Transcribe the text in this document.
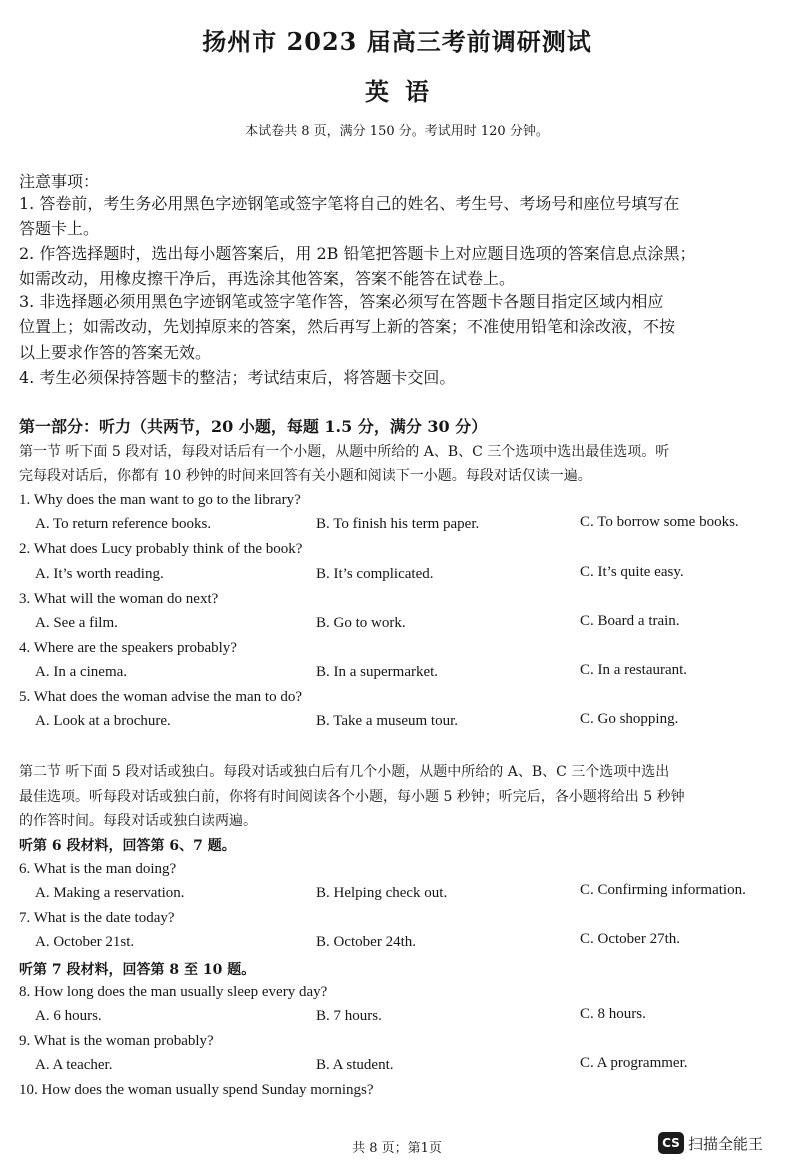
扬州市 2023 届高三考前调研测试
英语
本试卷共 8 页，满分 150 分。考试用时 120 分钟。
注意事项：
1. 答卷前，考生务必用黑色字迹钢笔或签字笔将自己的姓名、考生号、考场号和座位号填写在
答题卡上。
2. 作答选择题时，选出每小题答案后，用 2B 铅笔把答题卡上对应题目选项的答案信息点涂黑；
如需改动，用橡皮擦干净后，再选涂其他答案，答案不能答在试卷上。
3. 非选择题必须用黑色字迹钢笔或签字笔作答，答案必须写在答题卡各题目指定区域内相应
位置上；如需改动，先划掉原来的答案，然后再写上新的答案；不准使用铅笔和涂改液，不按
以上要求作答的答案无效。
4. 考生必须保持答题卡的整洁；考试结束后，将答题卡交回。
第一部分：听力（共两节，20 小题，每题 1.5 分，满分 30 分）
第一节 听下面 5 段对话，每段对话后有一个小题，从题中所给的 A、B、C 三个选项中选出最佳选项。听
完每段对话后，你都有 10 秒钟的时间来回答有关小题和阅读下一小题。每段对话仅读一遍。
1. Why does the man want to go to the library?
A. To return reference books.	B. To finish his term paper.	C. To borrow some books.
2. What does Lucy probably think of the book?
A. It’s worth reading.	B. It’s complicated.	C. It’s quite easy.
3. What will the woman do next?
A. See a film.	B. Go to work.	C. Board a train.
4. Where are the speakers probably?
A. In a cinema.	B. In a supermarket.	C. In a restaurant.
5. What does the woman advise the man to do?
A. Look at a brochure.	B. Take a museum tour.	C. Go shopping.
第二节 听下面 5 段对话或独白。每段对话或独白后有几个小题，从题中所给的 A、B、C 三个选项中选出
最佳选项。听每段对话或独白前，你将有时间阅读各个小题，每小题 5 秒钟；听完后，各小题将给出 5 秒钟
的作答时间。每段对话或独白读两遍。
听第 6 段材料，回答第 6、7 题。
6. What is the man doing?
A. Making a reservation.	B. Helping check out.	C. Confirming information.
7. What is the date today?
A. October 21st.	B. October 24th.	C. October 27th.
听第 7 段材料，回答第 8 至 10 题。
8. How long does the man usually sleep every day?
A. 6 hours.	B. 7 hours.	C. 8 hours.
9. What is the woman probably?
A. A teacher.	B. A student.	C. A programmer.
10. How does the woman usually spend Sunday mornings?
共 8 页；第1页	CS 扫描全能王
